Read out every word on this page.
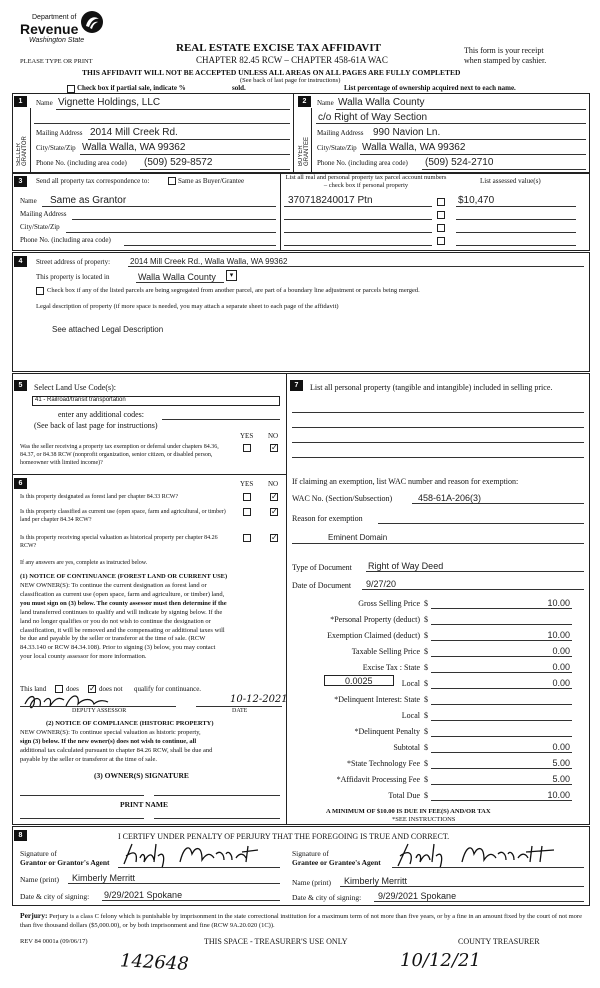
Department of
Revenue
Washington State
PLEASE TYPE OR PRINT
REAL ESTATE EXCISE TAX AFFIDAVIT
CHAPTER 82.45 RCW – CHAPTER 458-61A WAC
This form is your receipt
when stamped by cashier.
THIS AFFIDAVIT WILL NOT BE ACCEPTED UNLESS ALL AREAS ON ALL PAGES ARE FULLY COMPLETED
(See back of last page for instructions)
Check box if partial sale, indicate %	sold.	List percentage of ownership acquired next to each name.
1	2
SELLER GRANTOR	BUYER GRANTEE
Name Vignette Holdings, LLC
Mailing Address 2014 Mill Creek Rd.
City/State/Zip Walla Walla, WA 99362
Phone No. (including area code) (509) 529-8572
Name Walla Walla County
c/o Right of Way Section
Mailing Address 990 Navion Ln.
City/State/Zip Walla Walla, WA 99362
Phone No. (including area code) (509) 524-2710
3	Send all property tax correspondence to:	Same as Buyer/Grantee
Name Same as Grantor
Mailing Address
City/State/Zip
Phone No. (including area code)
List all real and personal property tax parcel account numbers – check box if personal property
List assessed value(s)
370718240017 Ptn	$10,470
4	Street address of property: 2014 Mill Creek Rd., Walla Walla, WA 99362
This property is located in	Walla Walla County	▾
Check box if any of the listed parcels are being segregated from another parcel, are part of a boundary line adjustment or parcels being merged.
Legal description of property (if more space is needed, you may attach a separate sheet to each page of the affidavit)
See attached Legal Description
5	Select Land Use Code(s):
41 - Railroad/transit transportation
enter any additional codes:
(See back of last page for instructions)
YES NO
Was the seller receiving a property tax exemption or deferral under chapters 84.36, 84.37, or 84.38 RCW (nonprofit organization, senior citizen, or disabled person, homeowner with limited income)?
✓
6	YES NO
Is this property designated as forest land per chapter 84.33 RCW?	✓
Is this property classified as current use (open space, farm and agricultural, or timber) land per chapter 84.34 RCW?
✓
Is this property receiving special valuation as historical property per chapter 84.26 RCW?
✓
If any answers are yes, complete as instructed below.
(1) NOTICE OF CONTINUANCE (FOREST LAND OR CURRENT USE)
NEW OWNER(S): To continue the current designation as forest land or
classification as current use (open space, farm and agriculture, or timber) land,
you must sign on (3) below. The county assessor must then determine if the
land transferred continues to qualify and will indicate by signing below. If the
land no longer qualifies or you do not wish to continue the designation or
classification, it will be removed and the compensating or additional taxes will
be due and payable by the seller or transferor at the time of sale. (RCW
84.33.140 or RCW 84.34.108). Prior to signing (3) below, you may contact
your local county assessor for more information.
This land	does ✓ does not qualify for continuance.
10-12-2021
DEPUTY ASSESSOR	DATE
(2) NOTICE OF COMPLIANCE (HISTORIC PROPERTY)
NEW OWNER(S): To continue special valuation as historic property,
sign (3) below. If the new owner(s) does not wish to continue, all
additional tax calculated pursuant to chapter 84.26 RCW, shall be due and
payable by the seller or transferor at the time of sale.
(3) OWNER(S) SIGNATURE
PRINT NAME
7	List all personal property (tangible and intangible) included in selling price.
If claiming an exemption, list WAC number and reason for exemption:
WAC No. (Section/Subsection)	458-61A-206(3)
Reason for exemption
Eminent Domain
Type of Document Right of Way Deed
Date of Document 9/27/20
Gross Selling Price $	10.00
*Personal Property (deduct) $
Exemption Claimed (deduct) $	10.00
Taxable Selling Price $	0.00
Excise Tax : State $	0.00
0.0025	Local $	0.00
*Delinquent Interest: State $
Local $
*Delinquent Penalty $
Subtotal $	0.00
*State Technology Fee $	5.00
*Affidavit Processing Fee $	5.00
Total Due $	10.00
A MINIMUM OF $10.00 IS DUE IN FEE(S) AND/OR TAX
*SEE INSTRUCTIONS
8	I CERTIFY UNDER PENALTY OF PERJURY THAT THE FOREGOING IS TRUE AND CORRECT.
Signature of
Grantor or Grantor's Agent
Name (print) Kimberly Merritt
Date & city of signing: 9/29/2021 Spokane
Signature of
Grantee or Grantee's Agent
Name (print) Kimberly Merritt
Date & city of signing: 9/29/2021 Spokane
Perjury: Perjury is a class C felony which is punishable by imprisonment in the state correctional institution for a maximum term of not more than five years, or by a fine in an amount fixed by the court of not more than five thousand dollars ($5,000.00), or by both imprisonment and fine (RCW 9A.20.020 (1C)).
REV 84 0001a (09/06/17)	THIS SPACE - TREASURER'S USE ONLY	COUNTY TREASURER
142648	10/12/21
